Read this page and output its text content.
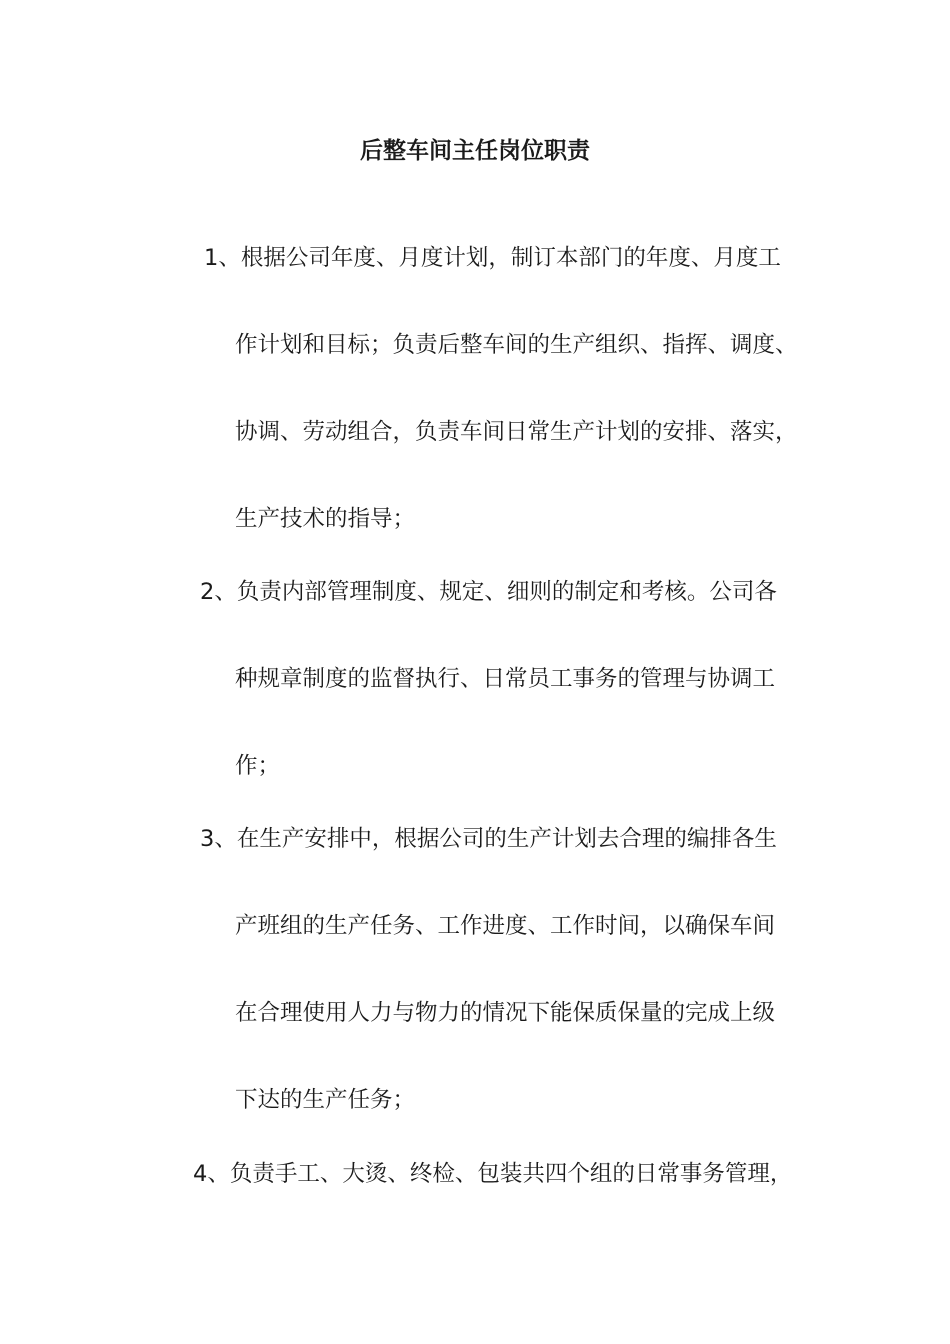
后整车间主任岗位职责
1、根据公司年度、月度计划，制订本部门的年度、月度工
作计划和目标；负责后整车间的生产组织、指挥、调度、
协调、劳动组合，负责车间日常生产计划的安排、落实，
生产技术的指导；
2、负责内部管理制度、规定、细则的制定和考核。公司各
种规章制度的监督执行、日常员工事务的管理与协调工
作；
3、在生产安排中，根据公司的生产计划去合理的编排各生
产班组的生产任务、工作进度、工作时间，以确保车间
在合理使用人力与物力的情况下能保质保量的完成上级
下达的生产任务；
4、负责手工、大烫、终检、包装共四个组的日常事务管理，
